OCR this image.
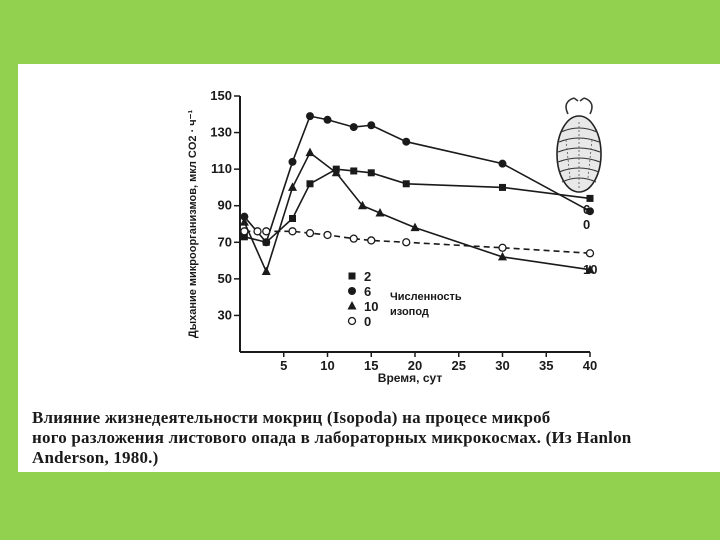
Дыхание микроорганизмов, мкл CO2 · ч⁻¹ 30
50
70
90
110
130
150
5	10 15 20 25 30 35 40
Время, сут
6
0
10
2
6
10
0
Численность
изопод
Влияние жизнедеятельности мокриц (Isopoda) на процесе микроб
ного разложения листового опада в лабораторных микрокосмах. (Из Hanlon
Anderson, 1980.)
